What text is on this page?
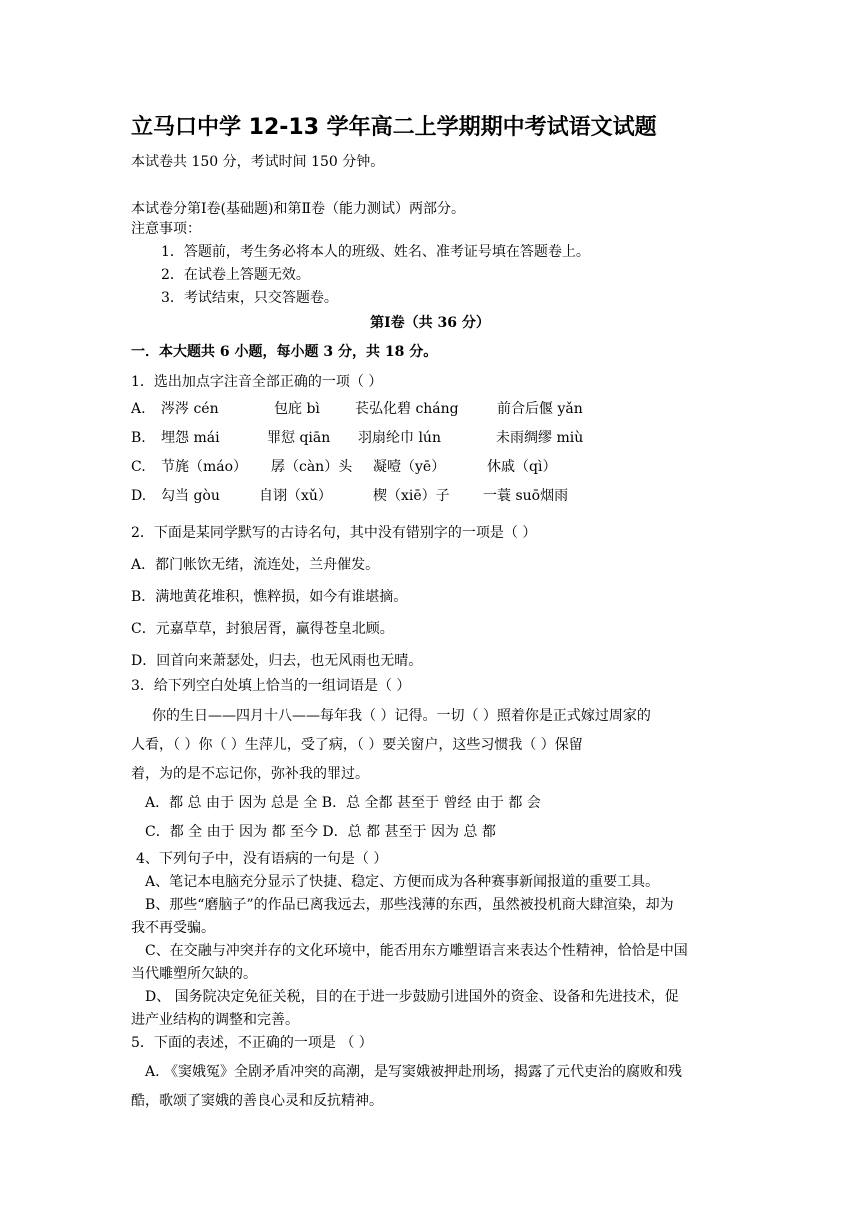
立马口中学 12-13 学年高二上学期期中考试语文试题
本试卷共 150 分，考试时间 150 分钟。
本试卷分第Ⅰ卷(基础题)和第Ⅱ卷（能力测试）两部分。
注意事项：
1．答题前，考生务必将本人的班级、姓名、准考证号填在答题卷上。
2．在试卷上答题无效。
3．考试结束，只交答题卷。
第Ⅰ卷（共 36 分）
一．本大题共 6 小题，每小题 3 分，共 18 分。
1．选出加点字注音全部正确的一项（ ）
A. 涔涔 cén	包庇 bì	苌弘化碧 cháng	前合后偃 yǎn
B. 埋怨 mái	罪愆 qiān 羽扇纶巾 lún	未雨绸缪 miù
C. 节旄（máo） 孱（càn）头 凝噎（yē）	休戚（qì）
D. 勾当 gòu	自诩（xǔ）	楔（xiē）子 一蓑 suō烟雨
2．下面是某同学默写的古诗名句，其中没有错别字的一项是（ ）
A．都门帐饮无绪，流连处，兰舟催发。
B．满地黄花堆积，憔粹损，如今有谁堪摘。
C．元嘉草草，封狼居胥，赢得苍皇北顾。
D．回首向来萧瑟处，归去，也无风雨也无晴。
3．给下列空白处填上恰当的一组词语是（ ）
你的生日——四月十八——每年我（ ）记得。一切（ ）照着你是正式嫁过周家的
人看，（ ）你（ ）生萍儿，受了病，（ ）要关窗户，这些习惯我（ ）保留
着，为的是不忘记你，弥补我的罪过。
A．都 总 由于 因为 总是 全 B．总 全都 甚至于 曾经 由于 都 会
C．都 全 由于 因为 都 至今 D．总 都 甚至于 因为 总 都
4、下列句子中，没有语病的一句是（ ）
A、笔记本电脑充分显示了快捷、稳定、方便而成为各种赛事新闻报道的重要工具。
B、那些“磨脑子”的作品已离我远去，那些浅薄的东西，虽然被投机商大肆渲染，却为
我不再受骗。
C、在交融与冲突并存的文化环境中，能否用东方雕塑语言来表达个性精神，恰恰是中国
当代雕塑所欠缺的。
D、 国务院决定免征关税，目的在于进一步鼓励引进国外的资金、设备和先进技术，促
进产业结构的调整和完善。
5．下面的表述，不正确的一项是 （ ）
A. 《窦娥冤》全剧矛盾冲突的高潮，是写窦娥被押赴刑场，揭露了元代吏治的腐败和残
酷，歌颂了窦娥的善良心灵和反抗精神。
